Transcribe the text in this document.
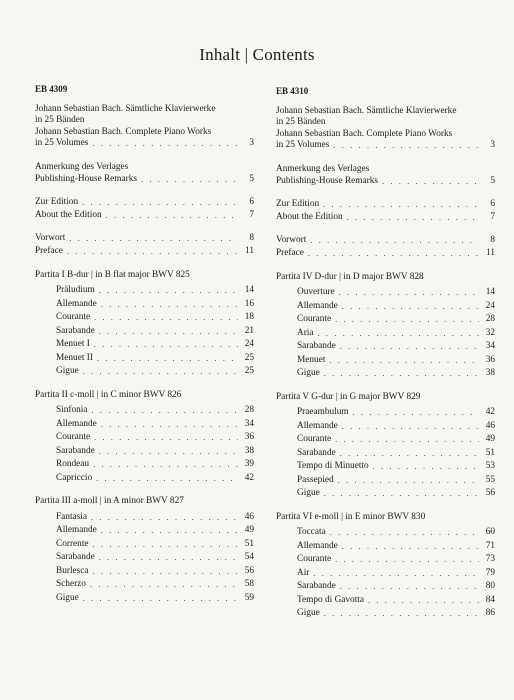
Inhalt | Contents
EB 4309
Johann Sebastian Bach. Sämtliche Klavierwerke
in 25 Bänden
Johann Sebastian Bach. Complete Piano Works
in 25 Volumes . . .	3
Anmerkung des Verlages
Publishing-House Remarks . . .	5
Zur Edition . . .	6
About the Edition . . .	7
Vorwort . . .	8
Preface . . .	11
Partita I B-dur | in B flat major BWV 825
Präludium . . .	14
Allemande . . .	16
Courante . . .	18
Sarabande . . .	21
Menuet I . . .	24
Menuet II . . .	25
Gigue . . .	25
Partita II c-moll | in C minor BWV 826
Sinfonia . . .	28
Allemande . . .	34
Courante . . .	36
Sarabande . . .	38
Rondeau . . .	39
Capriccio . . .	42
Partita III a-moll | in A minor BWV 827
Fantasia . . .	46
Allemande . . .	49
Corrente . . .	51
Sarabande . . .	54
Burlesca . . .	56
Scherzo . . .	58
Gigue . . .	59
EB 4310
Johann Sebastian Bach. Sämtliche Klavierwerke
in 25 Bänden
Johann Sebastian Bach. Complete Piano Works
in 25 Volumes . . .	3
Anmerkung des Verlages
Publishing-House Remarks . . .	5
Zur Edition . . .	6
About the Edition . . .	7
Vorwort . . .	8
Preface . . .	11
Partita IV D-dur | in D major BWV 828
Ouverture . . .	14
Allemande . . .	24
Courante . . .	28
Aria . . .	32
Sarabande . . .	34
Menuet . . .	36
Gigue . . .	38
Partita V G-dur | in G major BWV 829
Praeambulum . . .	42
Allemande . . .	46
Courante . . .	49
Sarabande . . .	51
Tempo di Minuetto . . .	53
Passepied . . .	55
Gigue . . .	56
Partita VI e-moll | in E minor BWV 830
Toccata . . .	60
Allemande . . .	71
Courante . . .	73
Air . . .	79
Sarabande . . .	80
Tempo di Gavotta . . .	84
Gigue . . .	86
